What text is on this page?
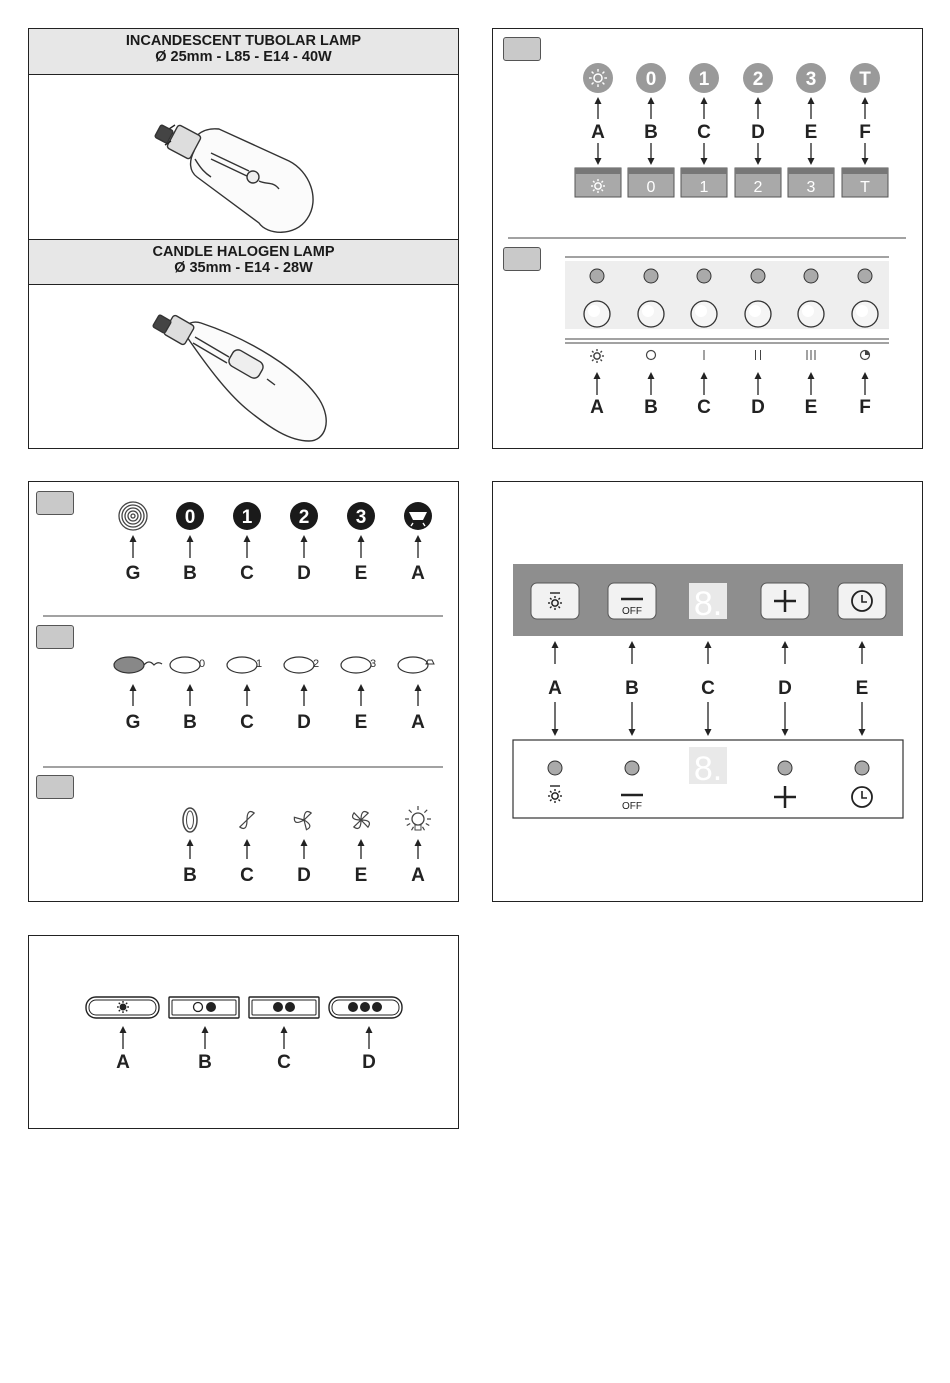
INCANDESCENT TUBOLAR LAMP
Ø 25mm - L85 - E14 - 40W
CANDLE HALOGEN LAMP
Ø 35mm - E14 - 28W
A
0
B
0
1
C
1
2
D
2
3
E
3
T
F
T
A B C D E F
G
0
B
1
C
2
D
3
E A
G
0
B
1
C
2
D
3
E A
B C D E A
A
OFF
B
OFF
8.
C
8.
D	E
A	B	C	D
